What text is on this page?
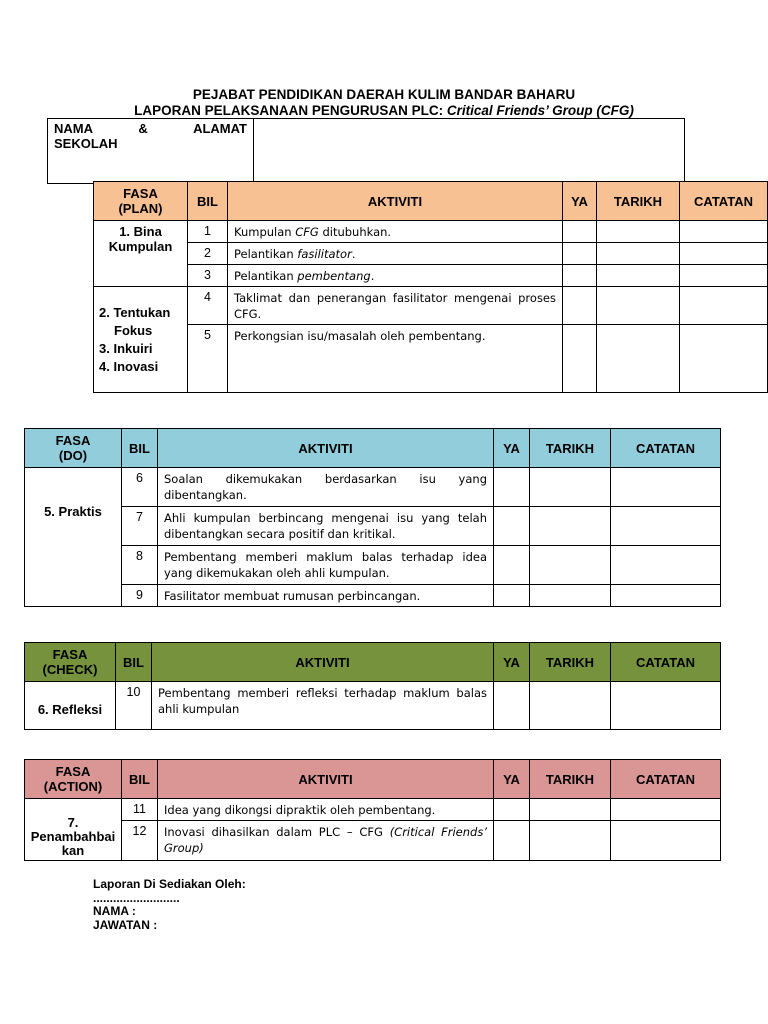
PEJABAT PENDIDIKAN DAERAH KULIM BANDAR BAHARU
LAPORAN PELAKSANAAN PENGURUSAN PLC: Critical Friends’ Group (CFG)
NAMA & ALAMAT
SEKOLAH

FASA
(PLAN)	BIL	AKTIVITI	YA	TARIKH	CATATAN
1. Bina
Kumpulan	1	Kumpulan CFG ditubuhkan.			
	2	Pelantikan fasilitator.			
	3	Pelantikan pembentang.			

2. Tentukan
Fokus
3. Inkuiri
4. Inovasi	4	Taklimat dan penerangan fasilitator mengenai proses CFG.			
	5	Perkongsian isu/masalah oleh pembentang.			
FASA
(DO)	BIL	AKTIVITI	YA	TARIKH	CATATAN
5. Praktis	6	Soalan dikemukakan berdasarkan isu yang dibentangkan.			
	7	Ahli kumpulan berbincang mengenai isu yang telah dibentangkan secara positif dan kritikal.			
	8	Pembentang memberi maklum balas terhadap idea yang dikemukakan oleh ahli kumpulan.			
	9	Fasilitator membuat rumusan perbincangan.			
FASA
(CHECK)	BIL	AKTIVITI	YA	TARIKH	CATATAN
6. Refleksi	10	Pembentang memberi refleksi terhadap maklum balas ahli kumpulan			
FASA
(ACTION)	BIL	AKTIVITI	YA	TARIKH	CATATAN

7.
Penambahbai
kan	11	Idea yang dikongsi dipraktik oleh pembentang.			
	12	Inovasi dihasilkan dalam PLC – CFG (Critical Friends’ Group)			
Laporan Di Sediakan Oleh:
..........................
NAMA :
JAWATAN :
